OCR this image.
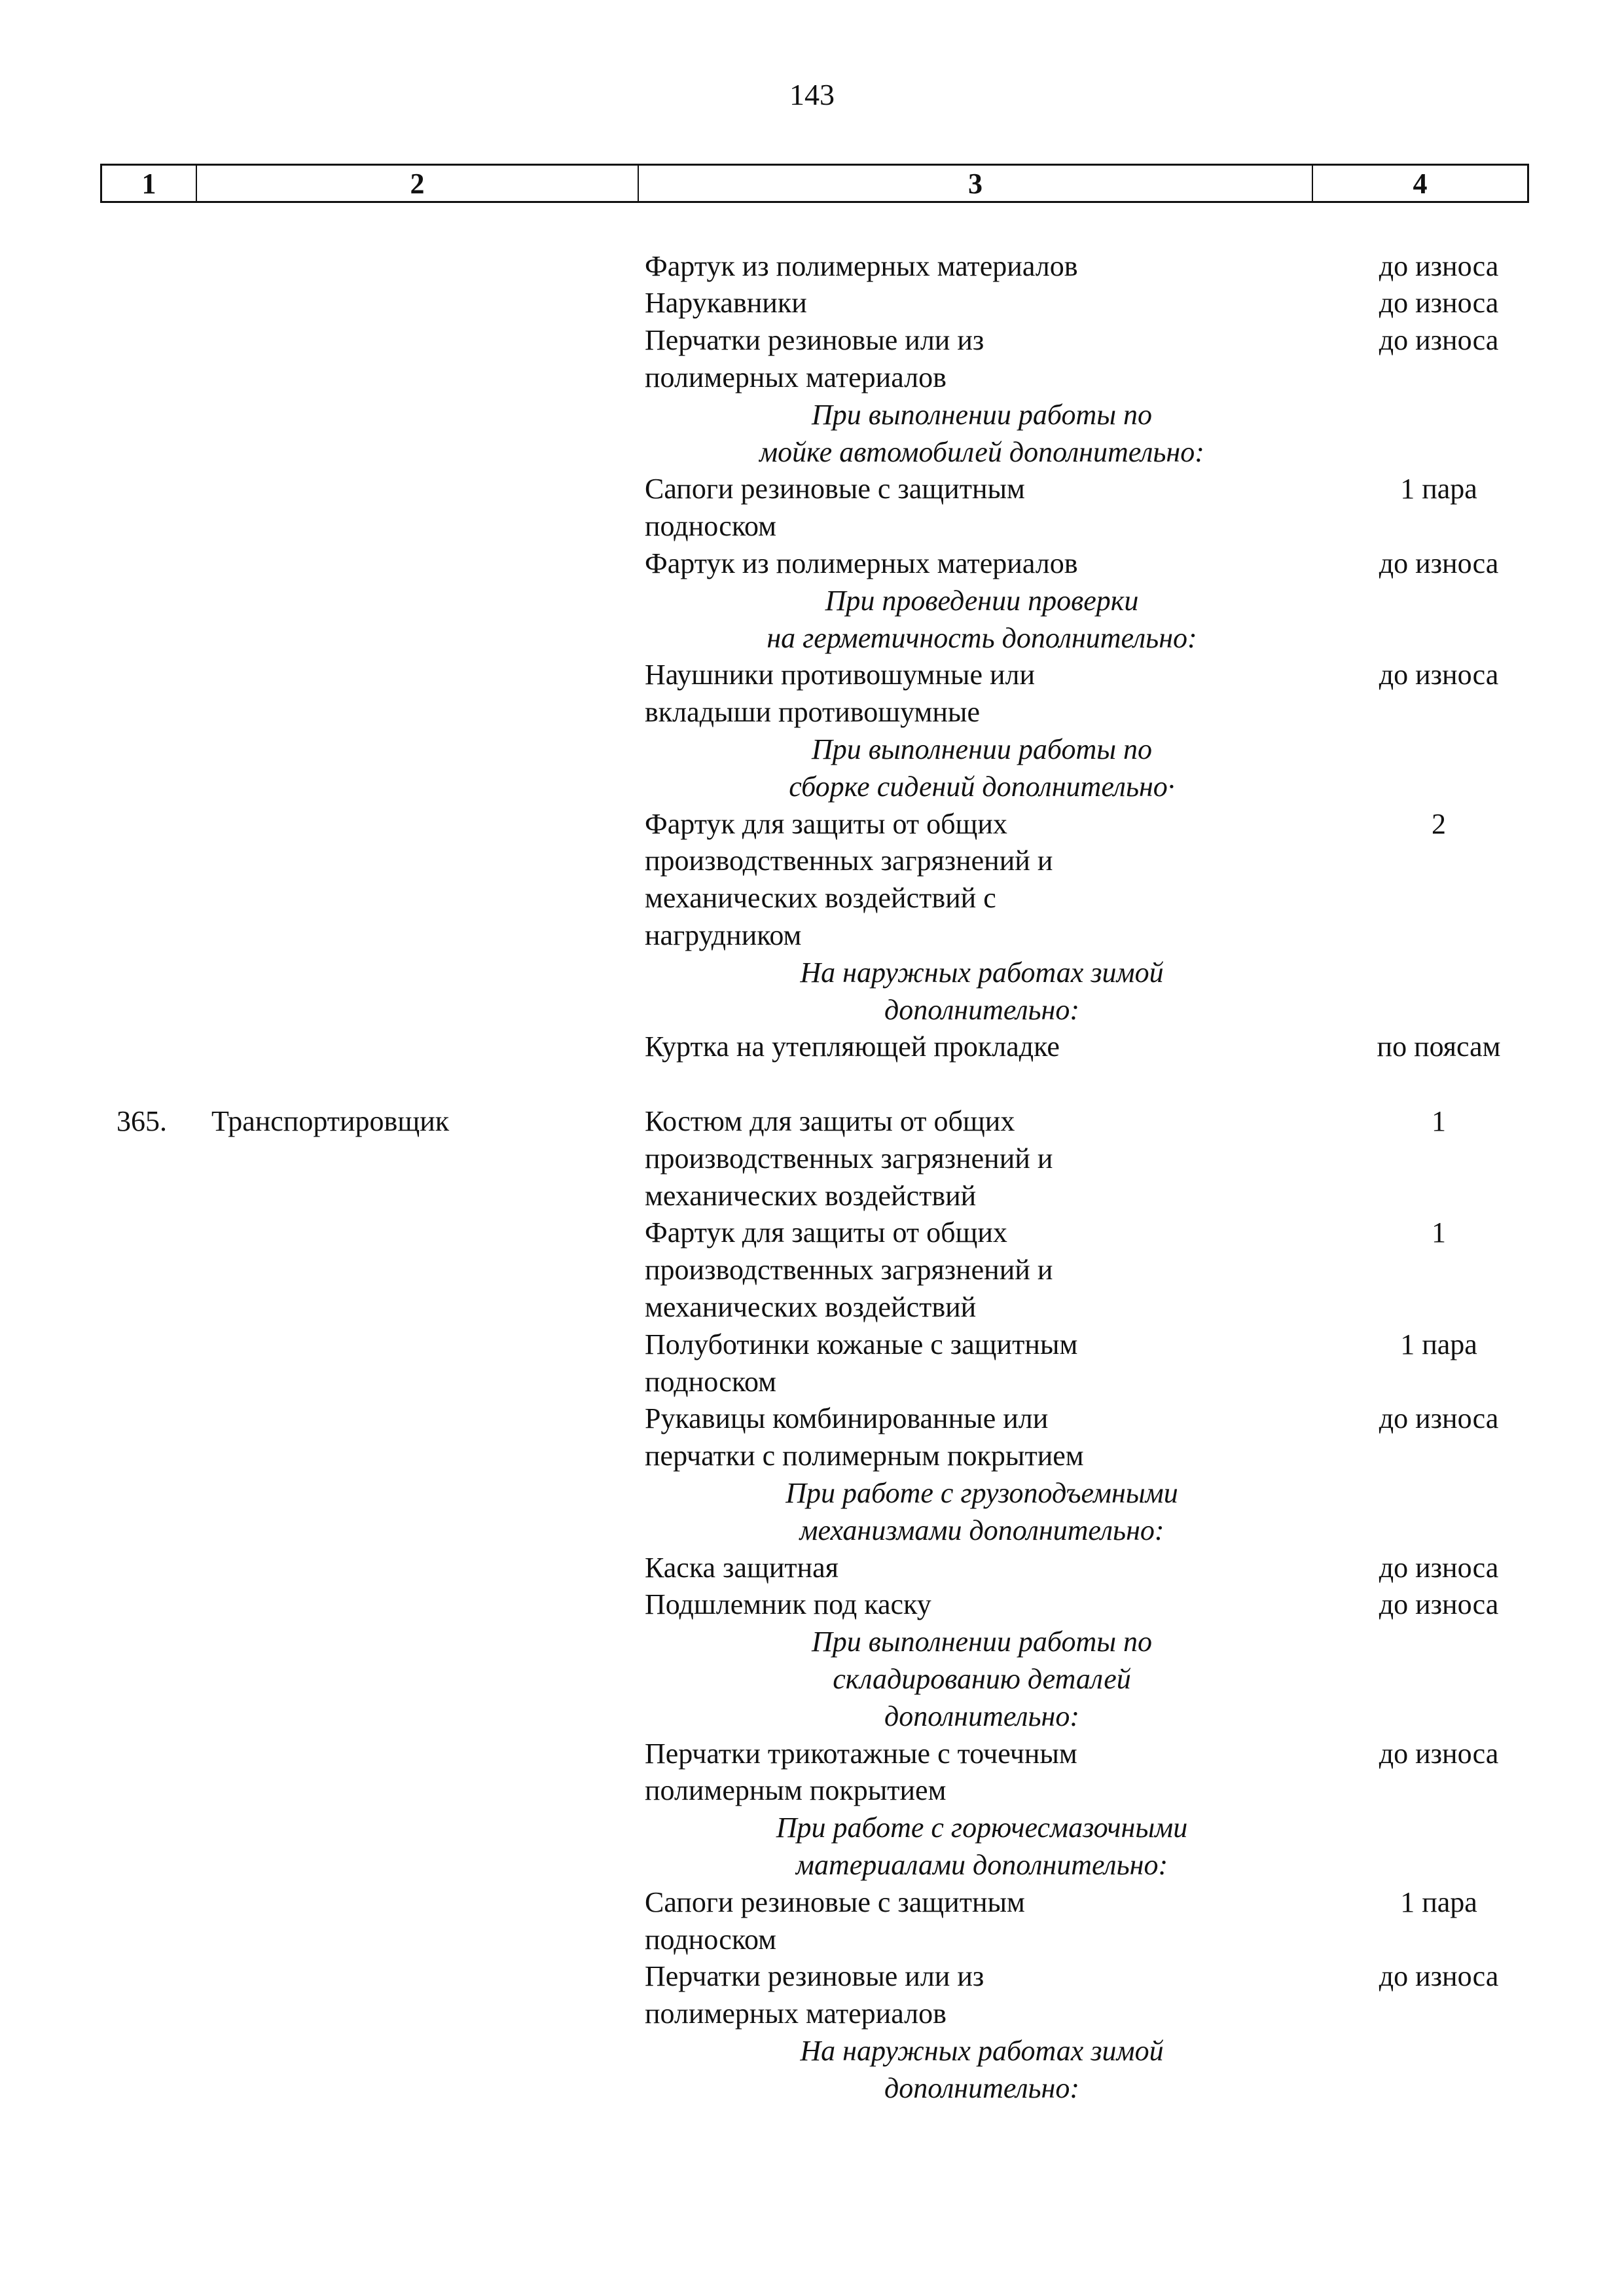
143
1	2	3	4
Фартук из полимерных материалов	до износа
Нарукавники	до износа
Перчатки резиновые или из	до износа
полимерных материалов
При выполнении работы по
мойке автомобилей дополнительно:
Сапоги резиновые с защитным	1 пара
подноском
Фартук из полимерных материалов	до износа
При проведении проверки
на герметичность дополнительно:
Наушники противошумные или	до износа
вкладыши противошумные
При выполнении работы по
сборке сидений дополнительно·
Фартук для защиты от общих	2
производственных загрязнений и
механических воздействий с
нагрудником
На наружных работах зимой
дополнительно:
Куртка на утепляющей прокладке	по поясам
365. Транспортировщик	Костюм для защиты от общих	1
производственных загрязнений и
механических воздействий
Фартук для защиты от общих	1
производственных загрязнений и
механических воздействий
Полуботинки кожаные с защитным	1 пара
подноском
Рукавицы комбинированные или	до износа
перчатки с полимерным покрытием
При работе с грузоподъемными
механизмами дополнительно:
Каска защитная	до износа
Подшлемник под каску	до износа
При выполнении работы по
складированию деталей
дополнительно:
Перчатки трикотажные с точечным	до износа
полимерным покрытием
При работе с горючесмазочными
материалами дополнительно:
Сапоги резиновые с защитным	1 пара
подноском
Перчатки резиновые или из	до износа
полимерных материалов
На наружных работах зимой
дополнительно:
